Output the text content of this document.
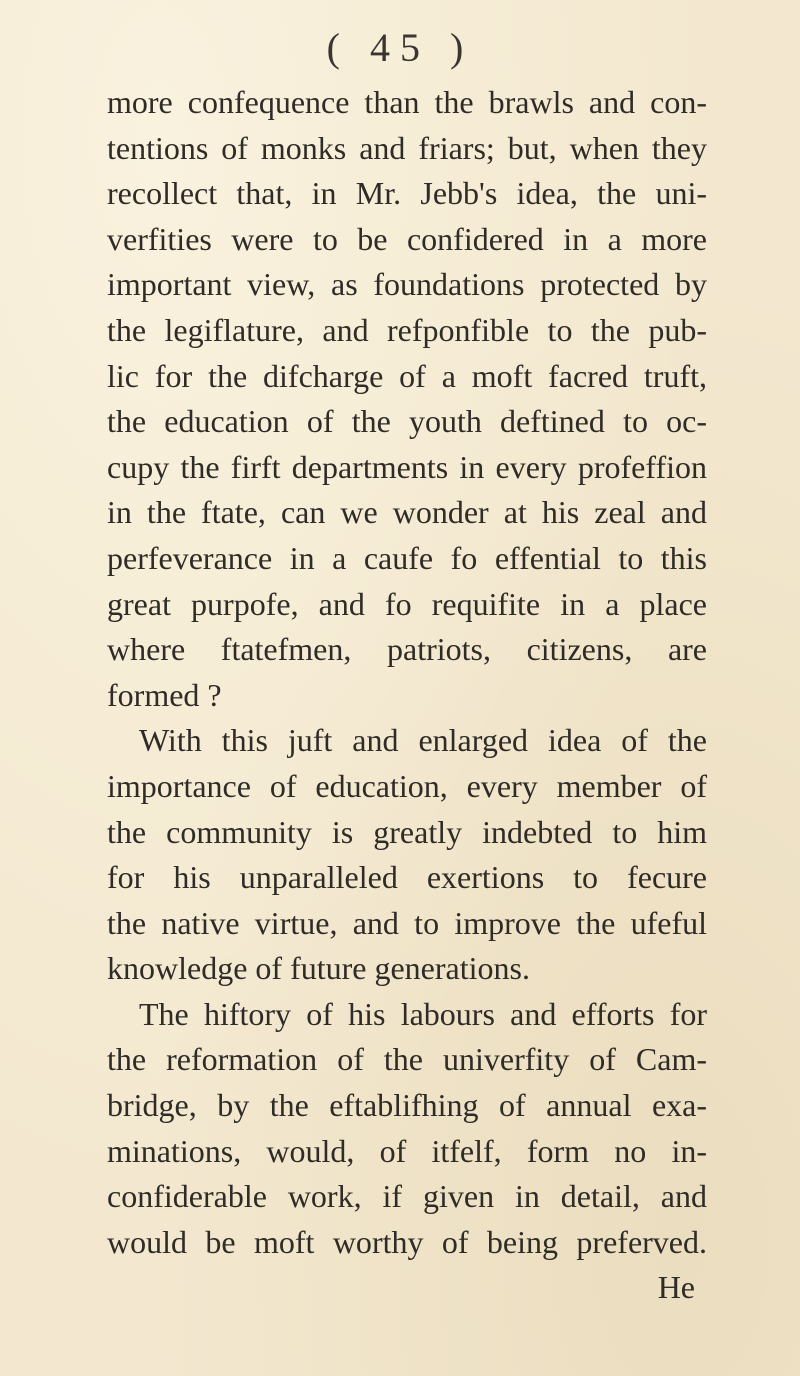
( 45 )
more confequence than the brawls and con-
tentions of monks and friars; but, when they
recollect that, in Mr. Jebb's idea, the uni-
verfities were to be confidered in a more
important view, as foundations protected by
the legiflature, and refponfible to the pub-
lic for the difcharge of a moft facred truft,
the education of the youth deftined to oc-
cupy the firft departments in every profeffion
in the ftate, can we wonder at his zeal and
perfeverance in a caufe fo effential to this
great purpofe, and fo requifite in a place
where ftatefmen, patriots, citizens, are
formed ?
With this juft and enlarged idea of the
importance of education, every member of
the community is greatly indebted to him
for his unparalleled exertions to fecure
the native virtue, and to improve the ufeful
knowledge of future generations.
The hiftory of his labours and efforts for
the reformation of the univerfity of Cam-
bridge, by the eftablifhing of annual exa-
minations, would, of itfelf, form no in-
confiderable work, if given in detail, and
would be moft worthy of being preferved.
He
